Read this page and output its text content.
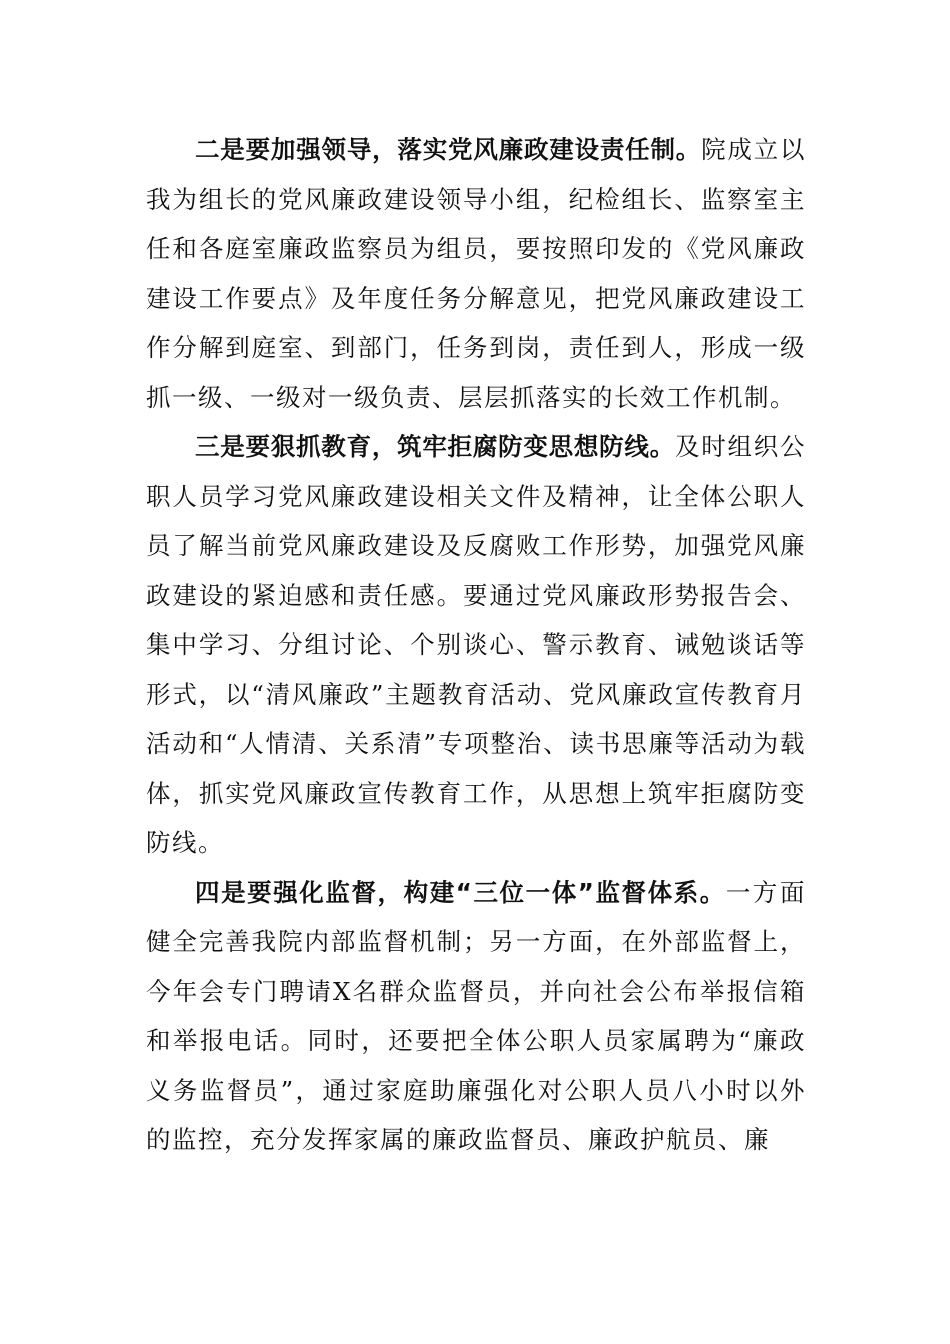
二是要加强领导，落实党风廉政建设责任制。院成立以我为组长的党风廉政建设领导小组，纪检组长、监察室主任和各庭室廉政监察员为组员，要按照印发的《党风廉政建设工作要点》及年度任务分解意见，把党风廉政建设工作分解到庭室、到部门，任务到岗，责任到人，形成一级抓一级、一级对一级负责、层层抓落实的长效工作机制。

三是要狠抓教育，筑牢拒腐防变思想防线。及时组织公职人员学习党风廉政建设相关文件及精神，让全体公职人员了解当前党风廉政建设及反腐败工作形势，加强党风廉政建设的紧迫感和责任感。要通过党风廉政形势报告会、集中学习、分组讨论、个别谈心、警示教育、诫勉谈话等形式，以“清风廉政”主题教育活动、党风廉政宣传教育月活动和“人情清、关系清”专项整治、读书思廉等活动为载体，抓实党风廉政宣传教育工作，从思想上筑牢拒腐防变防线。

四是要强化监督，构建“三位一体”监督体系。一方面健全完善我院内部监督机制；另一方面，在外部监督上，今年会专门聘请X名群众监督员，并向社会公布举报信箱和举报电话。同时，还要把全体公职人员家属聘为“廉政义务监督员”，通过家庭助廉强化对公职人员八小时以外的监控，充分发挥家属的廉政监督员、廉政护航员、廉
